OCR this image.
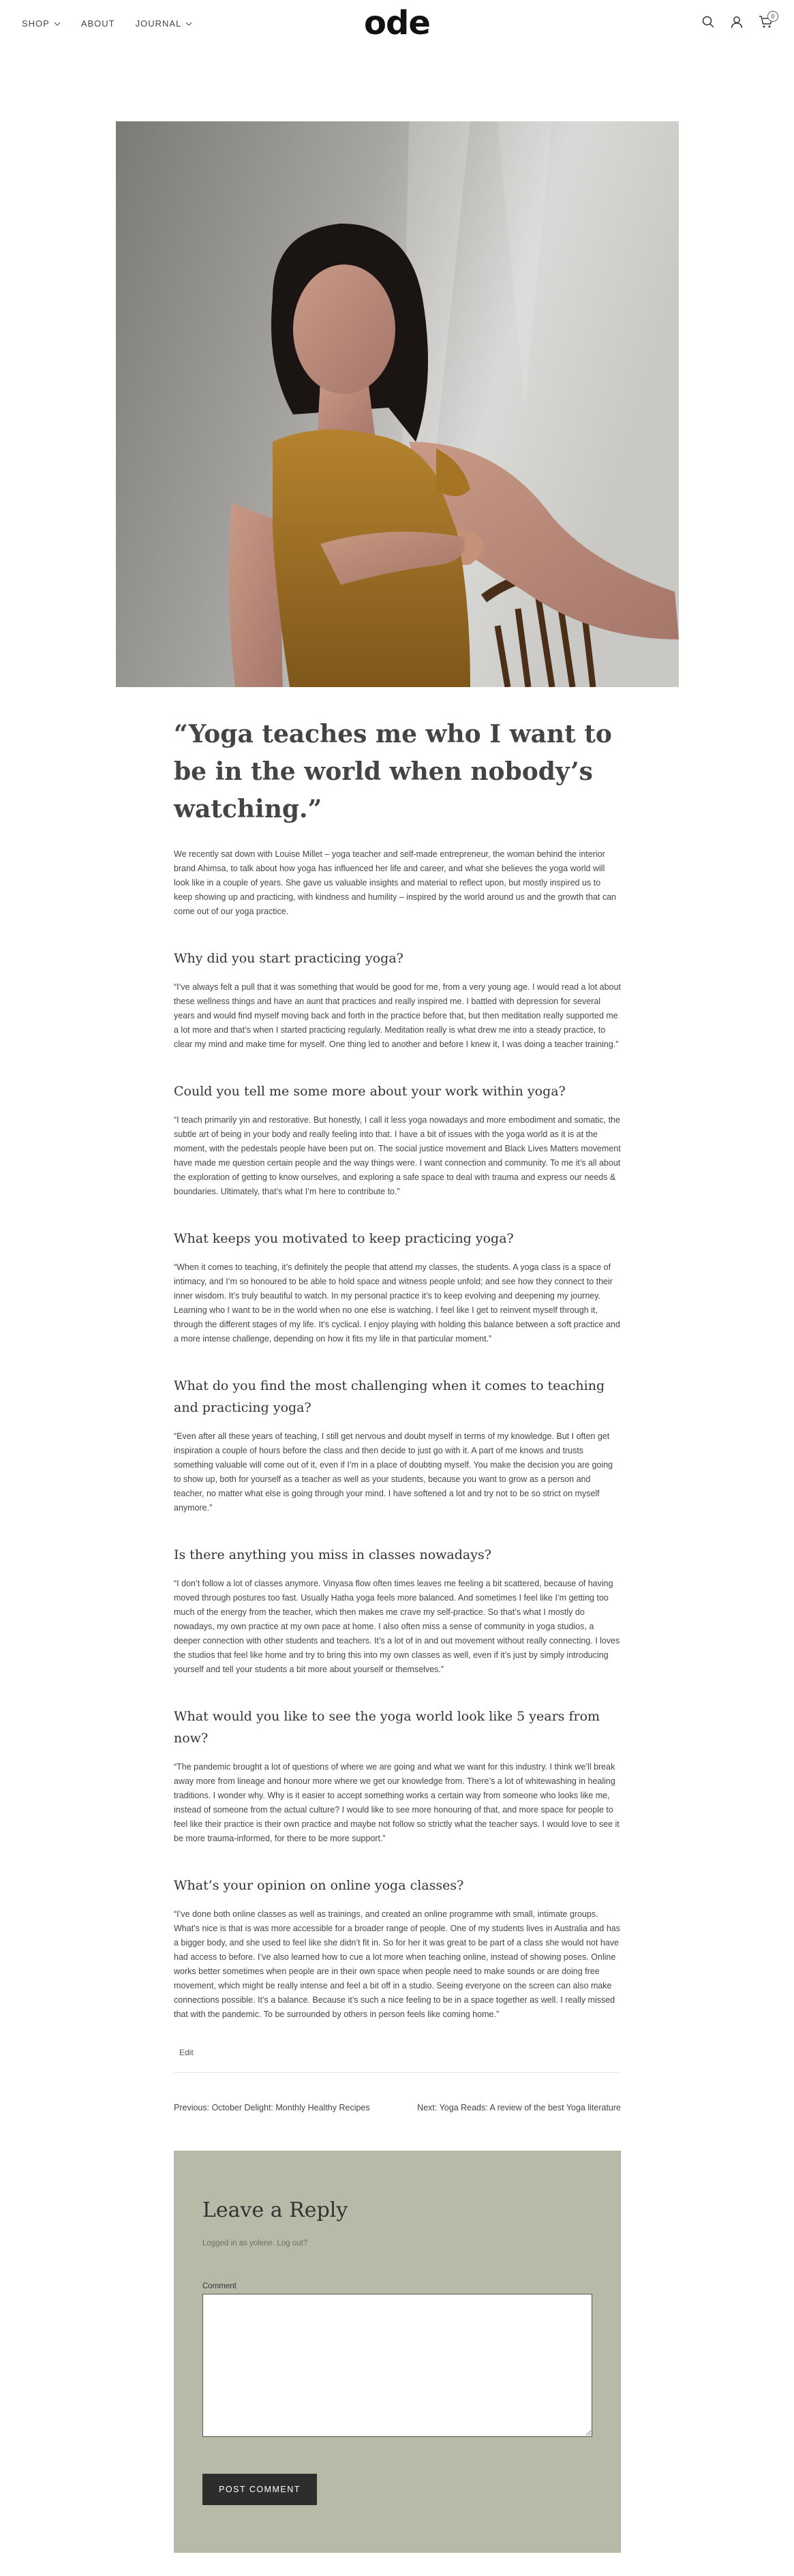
SHOP	ABOUT JOURNAL	ode	0
“Yoga teaches me who I want to be in the world when nobody’s watching.”

We recently sat down with Louise Millet – yoga teacher and self-made entrepreneur, the woman behind the interior brand Ahimsa, to talk about how yoga has influenced her life and career, and what she believes the yoga world will look like in a couple of years. She gave us valuable insights and material to reflect upon, but mostly inspired us to keep showing up and practicing, with kindness and humility – inspired by the world around us and the growth that can come out of our yoga practice.

Why did you start practicing yoga?

“I’ve always felt a pull that it was something that would be good for me, from a very young age. I would read a lot about these wellness things and have an aunt that practices and really inspired me. I battled with depression for several years and would find myself moving back and forth in the practice before that, but then meditation really supported me a lot more and that’s when I started practicing regularly. Meditation really is what drew me into a steady practice, to clear my mind and make time for myself. One thing led to another and before I knew it, I was doing a teacher training.”

Could you tell me some more about your work within yoga?

“I teach primarily yin and restorative. But honestly, I call it less yoga nowadays and more embodiment and somatic, the subtle art of being in your body and really feeling into that. I have a bit of issues with the yoga world as it is at the moment, with the pedestals people have been put on. The social justice movement and Black Lives Matters movement have made me question certain people and the way things were. I want connection and community. To me it’s all about the exploration of getting to know ourselves, and exploring a safe space to deal with trauma and express our needs & boundaries. Ultimately, that’s what I’m here to contribute to.”

What keeps you motivated to keep practicing yoga?

“When it comes to teaching, it’s definitely the people that attend my classes, the students. A yoga class is a space of intimacy, and I’m so honoured to be able to hold space and witness people unfold; and see how they connect to their inner wisdom. It’s truly beautiful to watch. In my personal practice it’s to keep evolving and deepening my journey. Learning who I want to be in the world when no one else is watching. I feel like I get to reinvent myself through it, through the different stages of my life. It’s cyclical. I enjoy playing with holding this balance between a soft practice and a more intense challenge, depending on how it fits my life in that particular moment.”

What do you find the most challenging when it comes to teaching and practicing yoga?

“Even after all these years of teaching, I still get nervous and doubt myself in terms of my knowledge. But I often get inspiration a couple of hours before the class and then decide to just go with it. A part of me knows and trusts something valuable will come out of it, even if I’m in a place of doubting myself. You make the decision you are going to show up, both for yourself as a teacher as well as your students, because you want to grow as a person and teacher, no matter what else is going through your mind. I have softened a lot and try not to be so strict on myself anymore.”

Is there anything you miss in classes nowadays?

“I don’t follow a lot of classes anymore. Vinyasa flow often times leaves me feeling a bit scattered, because of having moved through postures too fast. Usually Hatha yoga feels more balanced. And sometimes I feel like I’m getting too much of the energy from the teacher, which then makes me crave my self-practice. So that’s what I mostly do nowadays, my own practice at my own pace at home. I also often miss a sense of community in yoga studios, a deeper connection with other students and teachers. It’s a lot of in and out movement without really connecting. I loves the studios that feel like home and try to bring this into my own classes as well, even if it’s just by simply introducing yourself and tell your students a bit more about yourself or themselves.”

What would you like to see the yoga world look like 5 years from now?

“The pandemic brought a lot of questions of where we are going and what we want for this industry. I think we’ll break away more from lineage and honour more where we get our knowledge from. There’s a lot of whitewashing in healing traditions. I wonder why. Why is it easier to accept something works a certain way from someone who looks like me, instead of someone from the actual culture? I would like to see more honouring of that, and more space for people to feel like their practice is their own practice and maybe not follow so strictly what the teacher says. I would love to see it be more trauma-informed, for there to be more support.”

What’s your opinion on online yoga classes?

“I’ve done both online classes as well as trainings, and created an online programme with small, intimate groups. What’s nice is that is was more accessible for a broader range of people. One of my students lives in Australia and has a bigger body, and she used to feel like she didn’t fit in. So for her it was great to be part of a class she would not have had access to before. I’ve also learned how to cue a lot more when teaching online, instead of showing poses. Online works better sometimes when people are in their own space when people need to make sounds or are doing free movement, which might be really intense and feel a bit off in a studio. Seeing everyone on the screen can also make connections possible. It’s a balance. Because it’s such a nice feeling to be in a space together as well. I really missed that with the pandemic. To be surrounded by others in person feels like coming home.”

Edit
Previous: October Delight: Monthly Healthy Recipes	Next: Yoga Reads: A review of the best Yoga literature
Leave a Reply
Logged in as yolene. Log out?
Comment
POST COMMENT
